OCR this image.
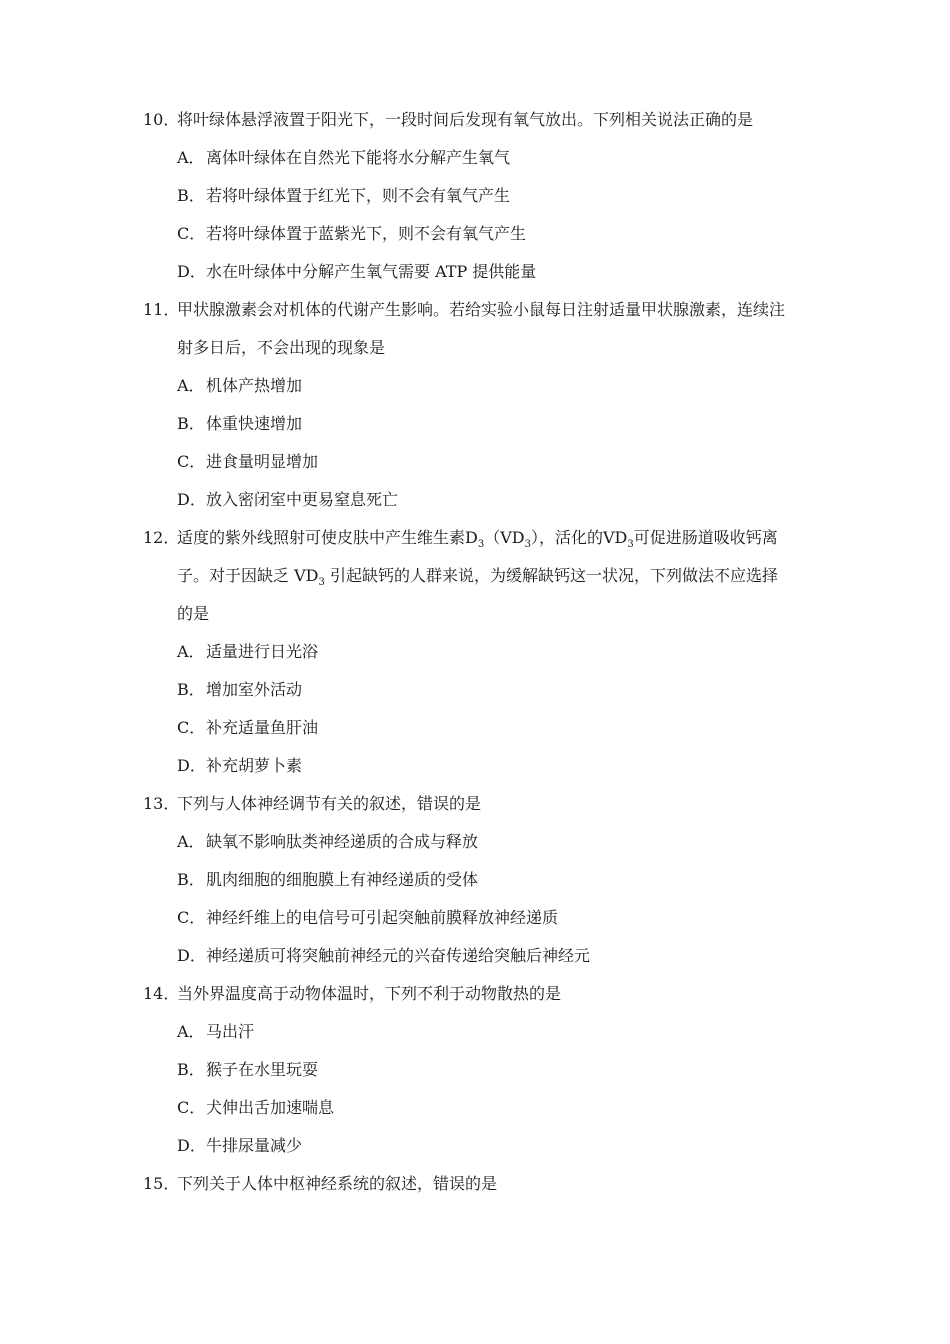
10．将叶绿体悬浮液置于阳光下，一段时间后发现有氧气放出。下列相关说法正确的是
A．离体叶绿体在自然光下能将水分解产生氧气
B．若将叶绿体置于红光下，则不会有氧气产生
C．若将叶绿体置于蓝紫光下，则不会有氧气产生
D．水在叶绿体中分解产生氧气需要 ATP 提供能量
11．甲状腺激素会对机体的代谢产生影响。若给实验小鼠每日注射适量甲状腺激素，连续注
射多日后，不会出现的现象是
A．机体产热增加
B．体重快速增加
C．进食量明显增加
D．放入密闭室中更易窒息死亡
12．适度的紫外线照射可使皮肤中产生维生素$D_3(VD_3)$，活化的$VD_3$可促进肠道吸收钙离
子。对于因缺乏 $VD_3$ 引起缺钙的人群来说，为缓解缺钙这一状况，下列做法不应选择
的是
A．适量进行日光浴
B．增加室外活动
C．补充适量鱼肝油
D．补充胡萝卜素
13．下列与人体神经调节有关的叙述，错误的是
A．缺氧不影响肽类神经递质的合成与释放
B．肌肉细胞的细胞膜上有神经递质的受体
C．神经纤维上的电信号可引起突触前膜释放神经递质
D．神经递质可将突触前神经元的兴奋传递给突触后神经元
14．当外界温度高于动物体温时，下列不利于动物散热的是
A．马出汗
B．猴子在水里玩耍
C．犬伸出舌加速喘息
D．牛排尿量减少
15．下列关于人体中枢神经系统的叙述，错误的是
